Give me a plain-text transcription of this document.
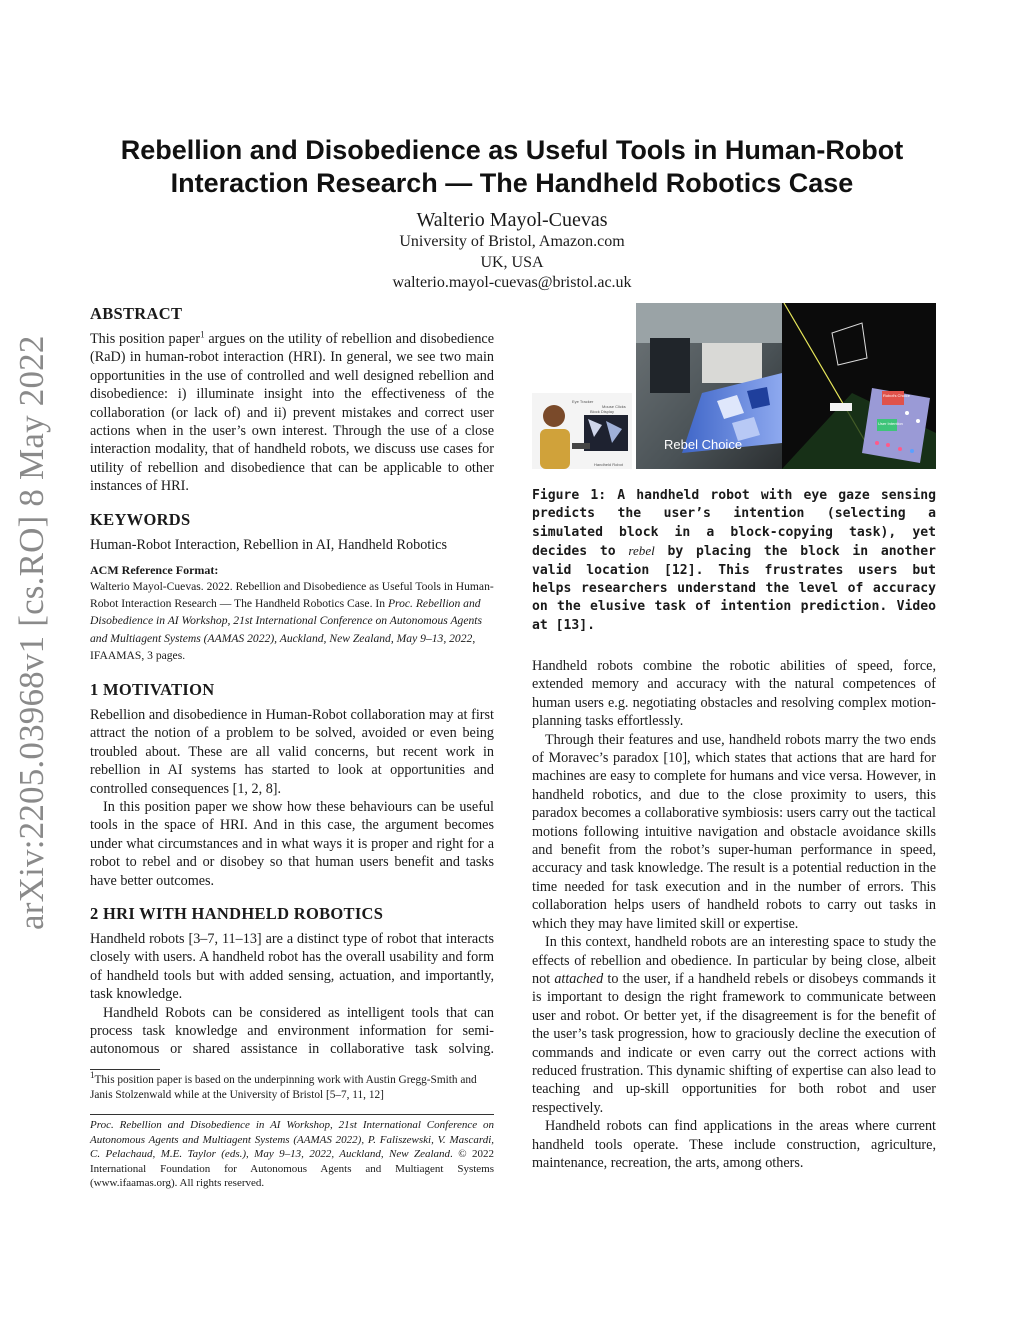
arXiv:2205.03968v1 [cs.RO] 8 May 2022
Rebellion and Disobedience as Useful Tools in Human-Robot
Interaction Research — The Handheld Robotics Case
Walterio Mayol-Cuevas
University of Bristol, Amazon.com
UK, USA
walterio.mayol-cuevas@bristol.ac.uk
ABSTRACT
This position paper$^1$ argues on the utility of rebellion and disobedience (RaD) in human-robot interaction (HRI). In general, we see two main opportunities in the use of controlled and well designed rebellion and disobedience: i) illuminate insight into the effectiveness of the collaboration (or lack of) and ii) prevent mistakes and correct user actions when in the user’s own interest. Through the use of a close interaction modality, that of handheld robots, we discuss use cases for utility of rebellion and disobedience that can be applicable to other instances of HRI.
KEYWORDS
Human-Robot Interaction, Rebellion in AI, Handheld Robotics
ACM Reference Format:
Walterio Mayol-Cuevas. 2022. Rebellion and Disobedience as Useful Tools in Human-Robot Interaction Research — The Handheld Robotics Case. In Proc. Rebellion and Disobedience in AI Workshop, 21st International Conference on Autonomous Agents and Multiagent Systems (AAMAS 2022), Auckland, New Zealand, May 9–13, 2022, IFAAMAS, 3 pages.
1 MOTIVATION

Rebellion and disobedience in Human-Robot collaboration may at first attract the notion of a problem to be solved, avoided or even being troubled about. These are all valid concerns, but recent work in rebellion in AI systems has started to look at opportunities and controlled consequences [1, 2, 8].

In this position paper we show how these behaviours can be useful tools in the space of HRI. And in this case, the argument becomes under what circumstances and in what ways it is proper and right for a robot to rebel and or disobey so that human users benefit and tasks have better outcomes.

2 HRI WITH HANDHELD ROBOTICS

Handheld robots [3–7, 11–13] are a distinct type of robot that interacts closely with users. A handheld robot has the overall usability and form of handheld tools but with added sensing, actuation, and importantly, task knowledge.

Handheld Robots can be considered as intelligent tools that can process task knowledge and environment information for semi-autonomous or shared assistance in collaborative task solving.

$^1$This position paper is based on the underpinning work with Austin Gregg-Smith and Janis Stolzenwald while at the University of Bristol [5–7, 11, 12]
Proc. Rebellion and Disobedience in AI Workshop, 21st International Conference on Autonomous Agents and Multiagent Systems (AAMAS 2022), P. Faliszewski, V. Mascardi, C. Pelachaud, M.E. Taylor (eds.), May 9–13, 2022, Auckland, New Zealand. © 2022 International Foundation for Autonomous Agents and Multiagent Systems (www.ifaamas.org). All rights reserved.
Eye Tracker
Mouse Clicks
Block Display
Handheld Robot
Rebel Choice
Robot's Choice
User Intention
Figure 1: A handheld robot with eye gaze sensing predicts the user’s intention (selecting a simulated block in a block-copying task), yet decides to rebel by placing the block in another valid location [12]. This frustrates users but helps researchers understand the level of accuracy on the elusive task of intention prediction. Video at [13].

Handheld robots combine the robotic abilities of speed, force, extended memory and accuracy with the natural competences of human users e.g. negotiating obstacles and resolving complex motion-planning tasks effortlessly.

Through their features and use, handheld robots marry the two ends of Moravec’s paradox [10], which states that actions that are hard for machines are easy to complete for humans and vice versa. However, in handheld robotics, and due to the close proximity to users, this paradox becomes a collaborative symbiosis: users carry out the tactical motions following intuitive navigation and obstacle avoidance skills and benefit from the robot’s super-human performance in speed, accuracy and task knowledge. The result is a potential reduction in the time needed for task execution and in the number of errors. This collaboration helps users of handheld robots to carry out tasks in which they may have limited skill or expertise.

In this context, handheld robots are an interesting space to study the effects of rebellion and obedience. In particular by being close, albeit not attached to the user, if a handheld rebels or disobeys commands it is important to design the right framework to communicate between user and robot. Or better yet, if the disagreement is for the benefit of the user’s task progression, how to graciously decline the execution of commands and indicate or even carry out the correct actions with reduced frustration. This dynamic shifting of expertise can also lead to teaching and up-skill opportunities for both robot and user respectively.

Handheld robots can find applications in the areas where current handheld tools operate. These include construction, agriculture, maintenance, recreation, the arts, among others.
